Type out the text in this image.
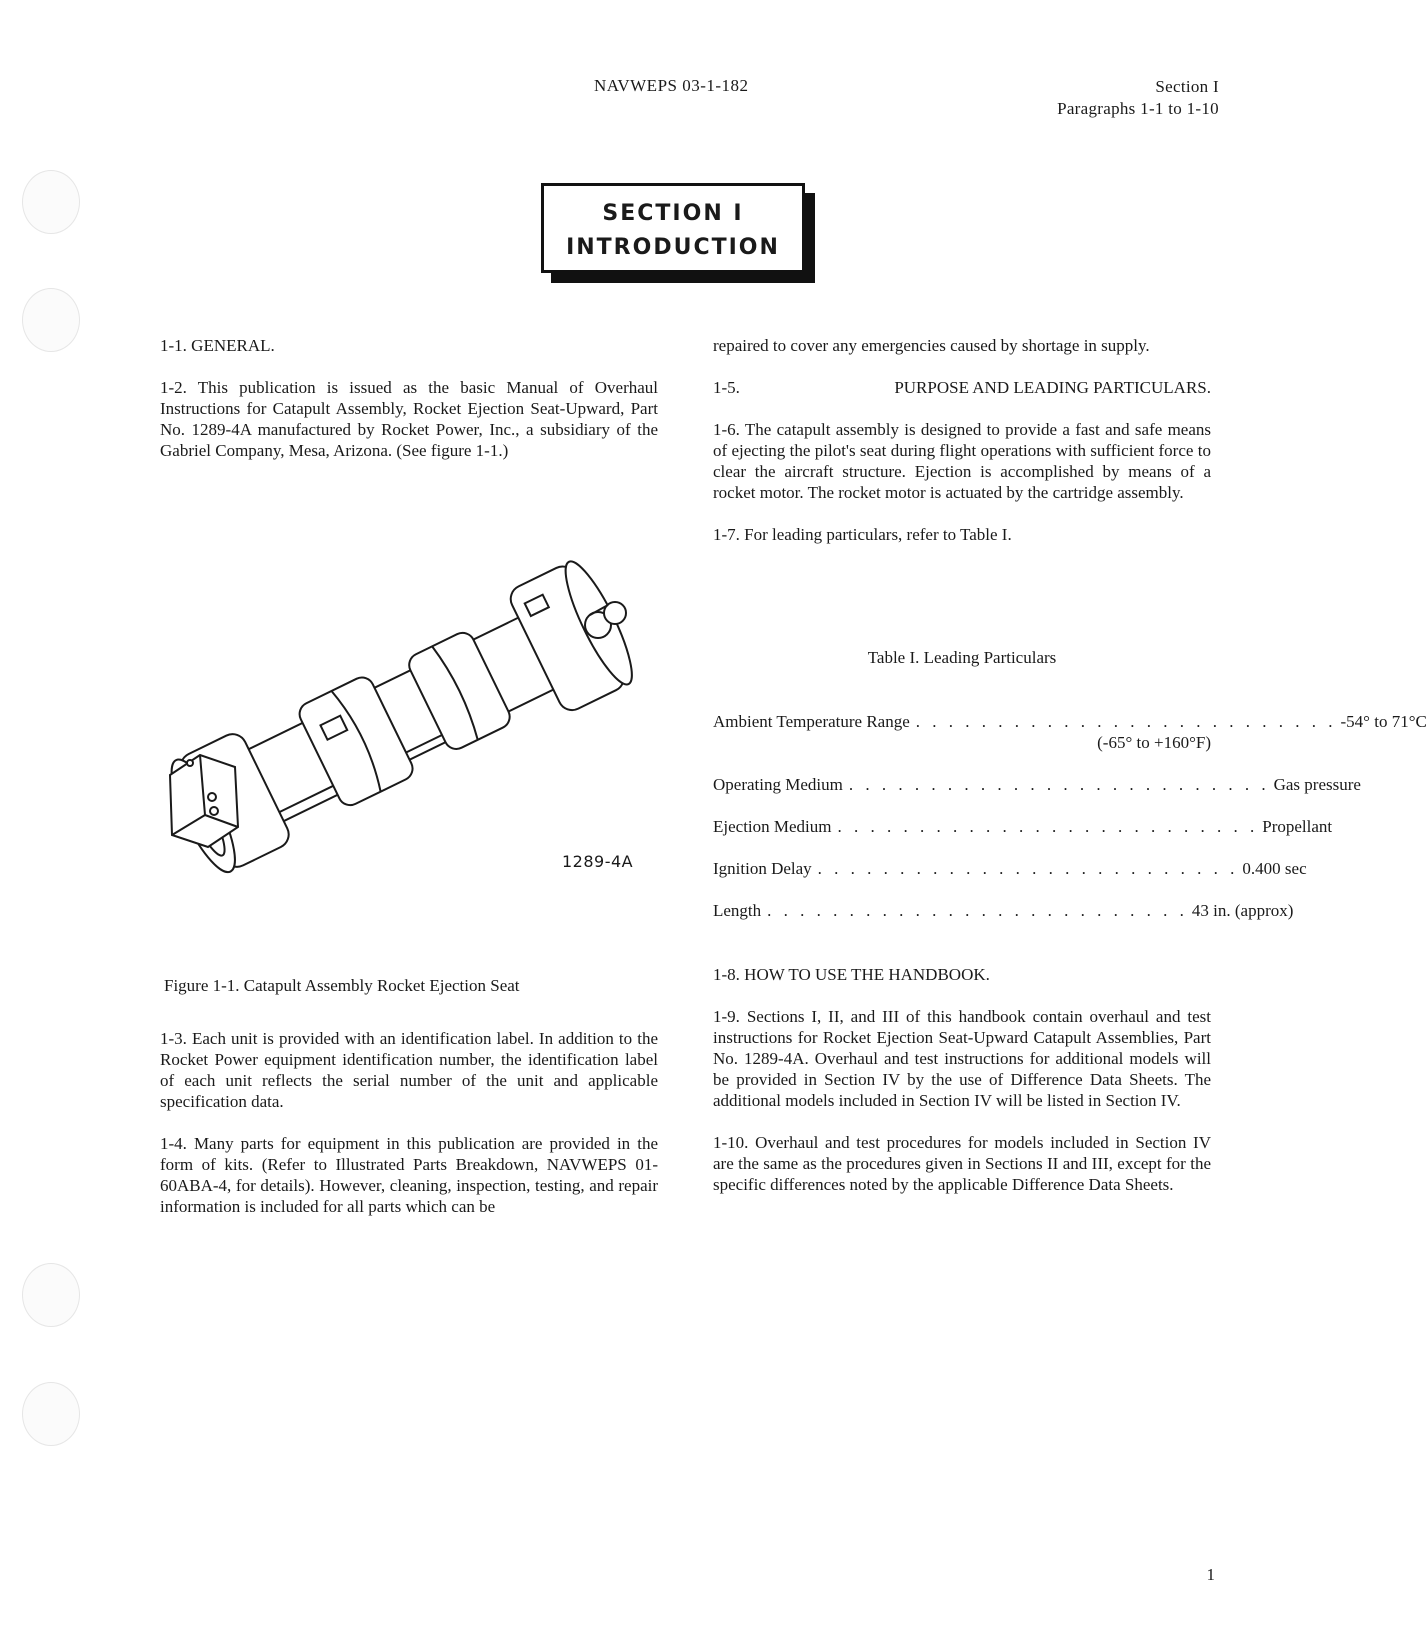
NAVWEPS 03-1-182	Section I
Paragraphs 1-1 to 1-10
SECTION I
INTRODUCTION

1-1. GENERAL.

1-2. This publication is issued as the basic Manual of Overhaul Instructions for Catapult Assembly, Rocket Ejection Seat-Upward, Part No. 1289-4A manufactured by Rocket Power, Inc., a subsidiary of the Gabriel Company, Mesa, Arizona. (See figure 1-1.)

1289-4A
Figure 1-1. Catapult Assembly Rocket Ejection Seat

1-3. Each unit is provided with an identification label. In addition to the Rocket Power equipment identification number, the identification label of each unit reflects the serial number of the unit and applicable specification data.

1-4. Many parts for equipment in this publication are provided in the form of kits. (Refer to Illustrated Parts Breakdown, NAVWEPS 01-60ABA-4, for details). However, cleaning, inspection, testing, and repair information is included for all parts which can be

repaired to cover any emergencies caused by shortage in supply.

1-5.	PURPOSE AND LEADING PARTICULARS.

1-6. The catapult assembly is designed to provide a fast and safe means of ejecting the pilot's seat during flight operations with sufficient force to clear the aircraft structure. Ejection is accomplished by means of a rocket motor. The rocket motor is actuated by the cartridge assembly.

1-7. For leading particulars, refer to Table I.

Table I. Leading Particulars
Ambient Temperature Range . . . . . . . . . . . . . . . . . . . . . . . . . . -54° to 71°C
(-65° to +160°F)
Operating Medium . . . . . . . . . . . . . . . . . . . . . . . . . . Gas pressure
Ejection Medium . . . . . . . . . . . . . . . . . . . . . . . . . . Propellant
Ignition Delay . . . . . . . . . . . . . . . . . . . . . . . . . . 0.400 sec
Length . . . . . . . . . . . . . . . . . . . . . . . . . . 43 in. (approx)

1-8. HOW TO USE THE HANDBOOK.

1-9. Sections I, II, and III of this handbook contain overhaul and test instructions for Rocket Ejection Seat-Upward Catapult Assemblies, Part No. 1289-4A. Overhaul and test instructions for additional models will be provided in Section IV by the use of Difference Data Sheets. The additional models included in Section IV will be listed in Section IV.

1-10. Overhaul and test procedures for models included in Section IV are the same as the procedures given in Sections II and III, except for the specific differences noted by the applicable Difference Data Sheets.

1
